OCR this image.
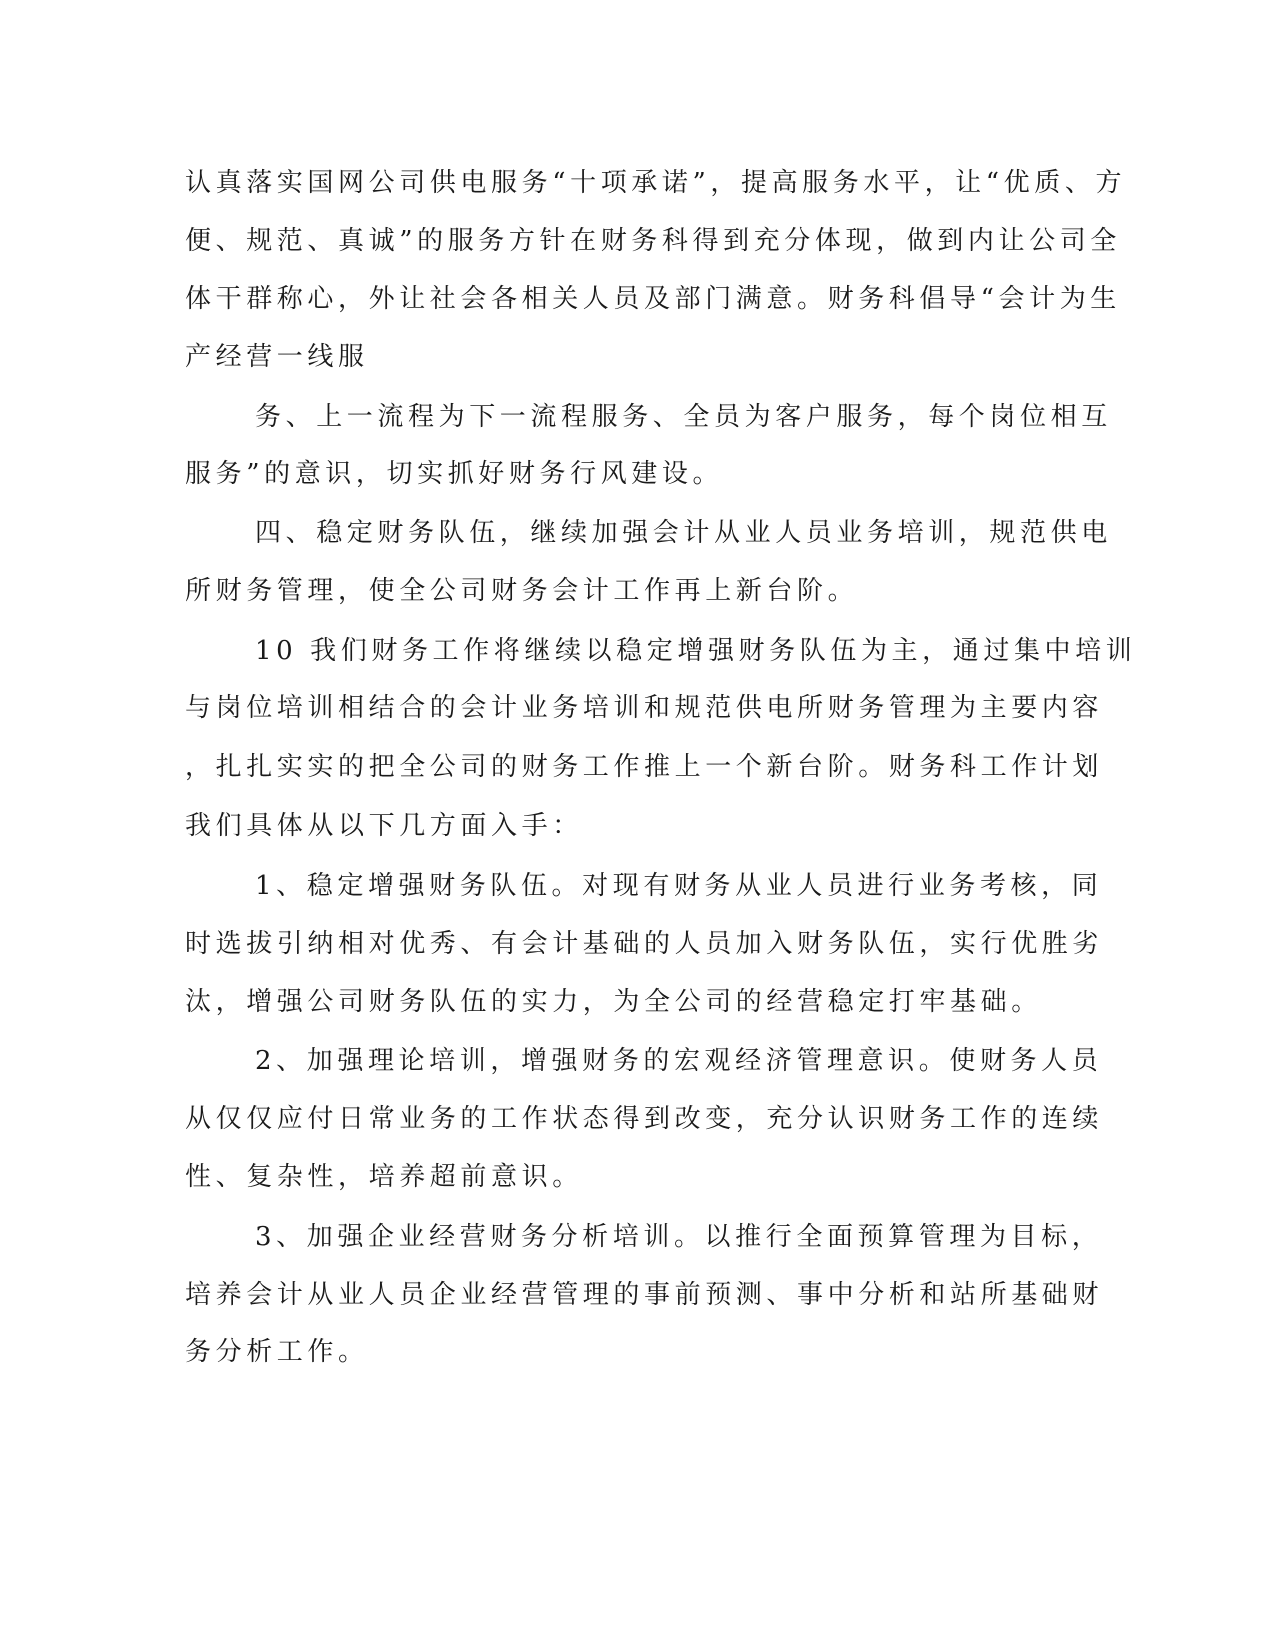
认真落实国网公司供电服务“十项承诺”，提高服务水平，让“优质、方

便、规范、真诚”的服务方针在财务科得到充分体现，做到内让公司全

体干群称心，外让社会各相关人员及部门满意。财务科倡导“会计为生

产经营一线服

务、上一流程为下一流程服务、全员为客户服务，每个岗位相互

服务”的意识，切实抓好财务行风建设。

四、稳定财务队伍，继续加强会计从业人员业务培训，规范供电

所财务管理，使全公司财务会计工作再上新台阶。

10 我们财务工作将继续以稳定增强财务队伍为主，通过集中培训

与岗位培训相结合的会计业务培训和规范供电所财务管理为主要内容

，扎扎实实的把全公司的财务工作推上一个新台阶。财务科工作计划

我们具体从以下几方面入手：

1、稳定增强财务队伍。对现有财务从业人员进行业务考核，同

时选拔引纳相对优秀、有会计基础的人员加入财务队伍，实行优胜劣

汰，增强公司财务队伍的实力，为全公司的经营稳定打牢基础。

2、加强理论培训，增强财务的宏观经济管理意识。使财务人员

从仅仅应付日常业务的工作状态得到改变，充分认识财务工作的连续

性、复杂性，培养超前意识。

3、加强企业经营财务分析培训。以推行全面预算管理为目标，

培养会计从业人员企业经营管理的事前预测、事中分析和站所基础财

务分析工作。
